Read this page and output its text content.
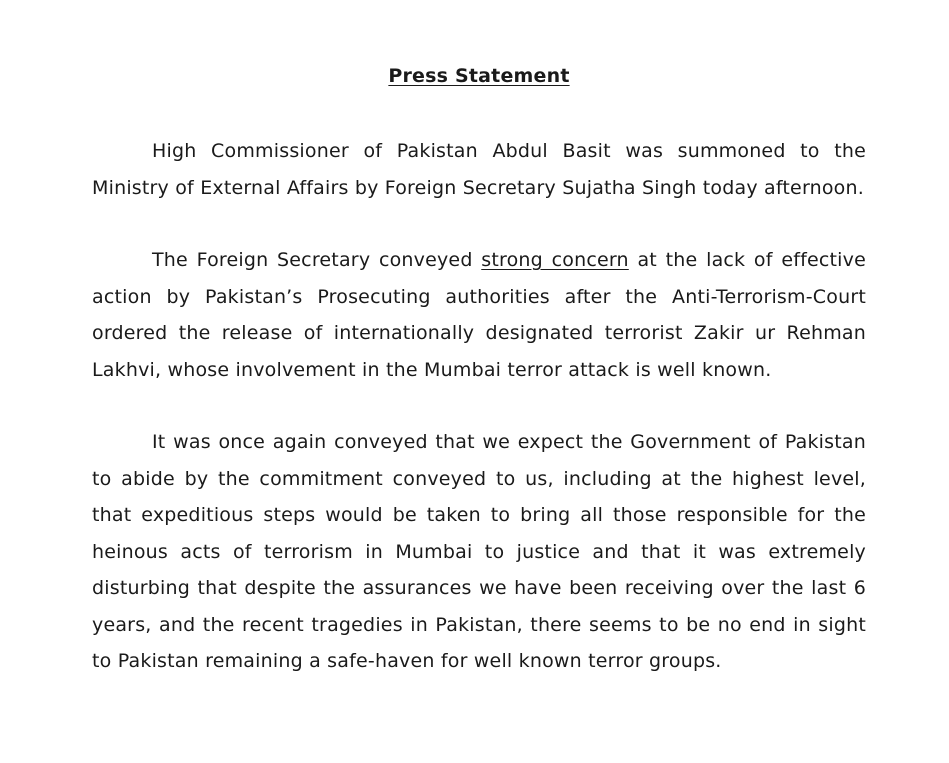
Press Statement

High Commissioner of Pakistan Abdul Basit was summoned to the Ministry of External Affairs by Foreign Secretary Sujatha Singh today afternoon.

The Foreign Secretary conveyed strong concern at the lack of effective action by Pakistan’s Prosecuting authorities after the Anti-Terrorism-Court ordered the release of internationally designated terrorist Zakir ur Rehman Lakhvi, whose involvement in the Mumbai terror attack is well known.

It was once again conveyed that we expect the Government of Pakistan to abide by the commitment conveyed to us, including at the highest level, that expeditious steps would be taken to bring all those responsible for the heinous acts of terrorism in Mumbai to justice and that it was extremely disturbing that despite the assurances we have been receiving over the last 6 years, and the recent tragedies in Pakistan, there seems to be no end in sight to Pakistan remaining a safe-haven for well known terror groups.
